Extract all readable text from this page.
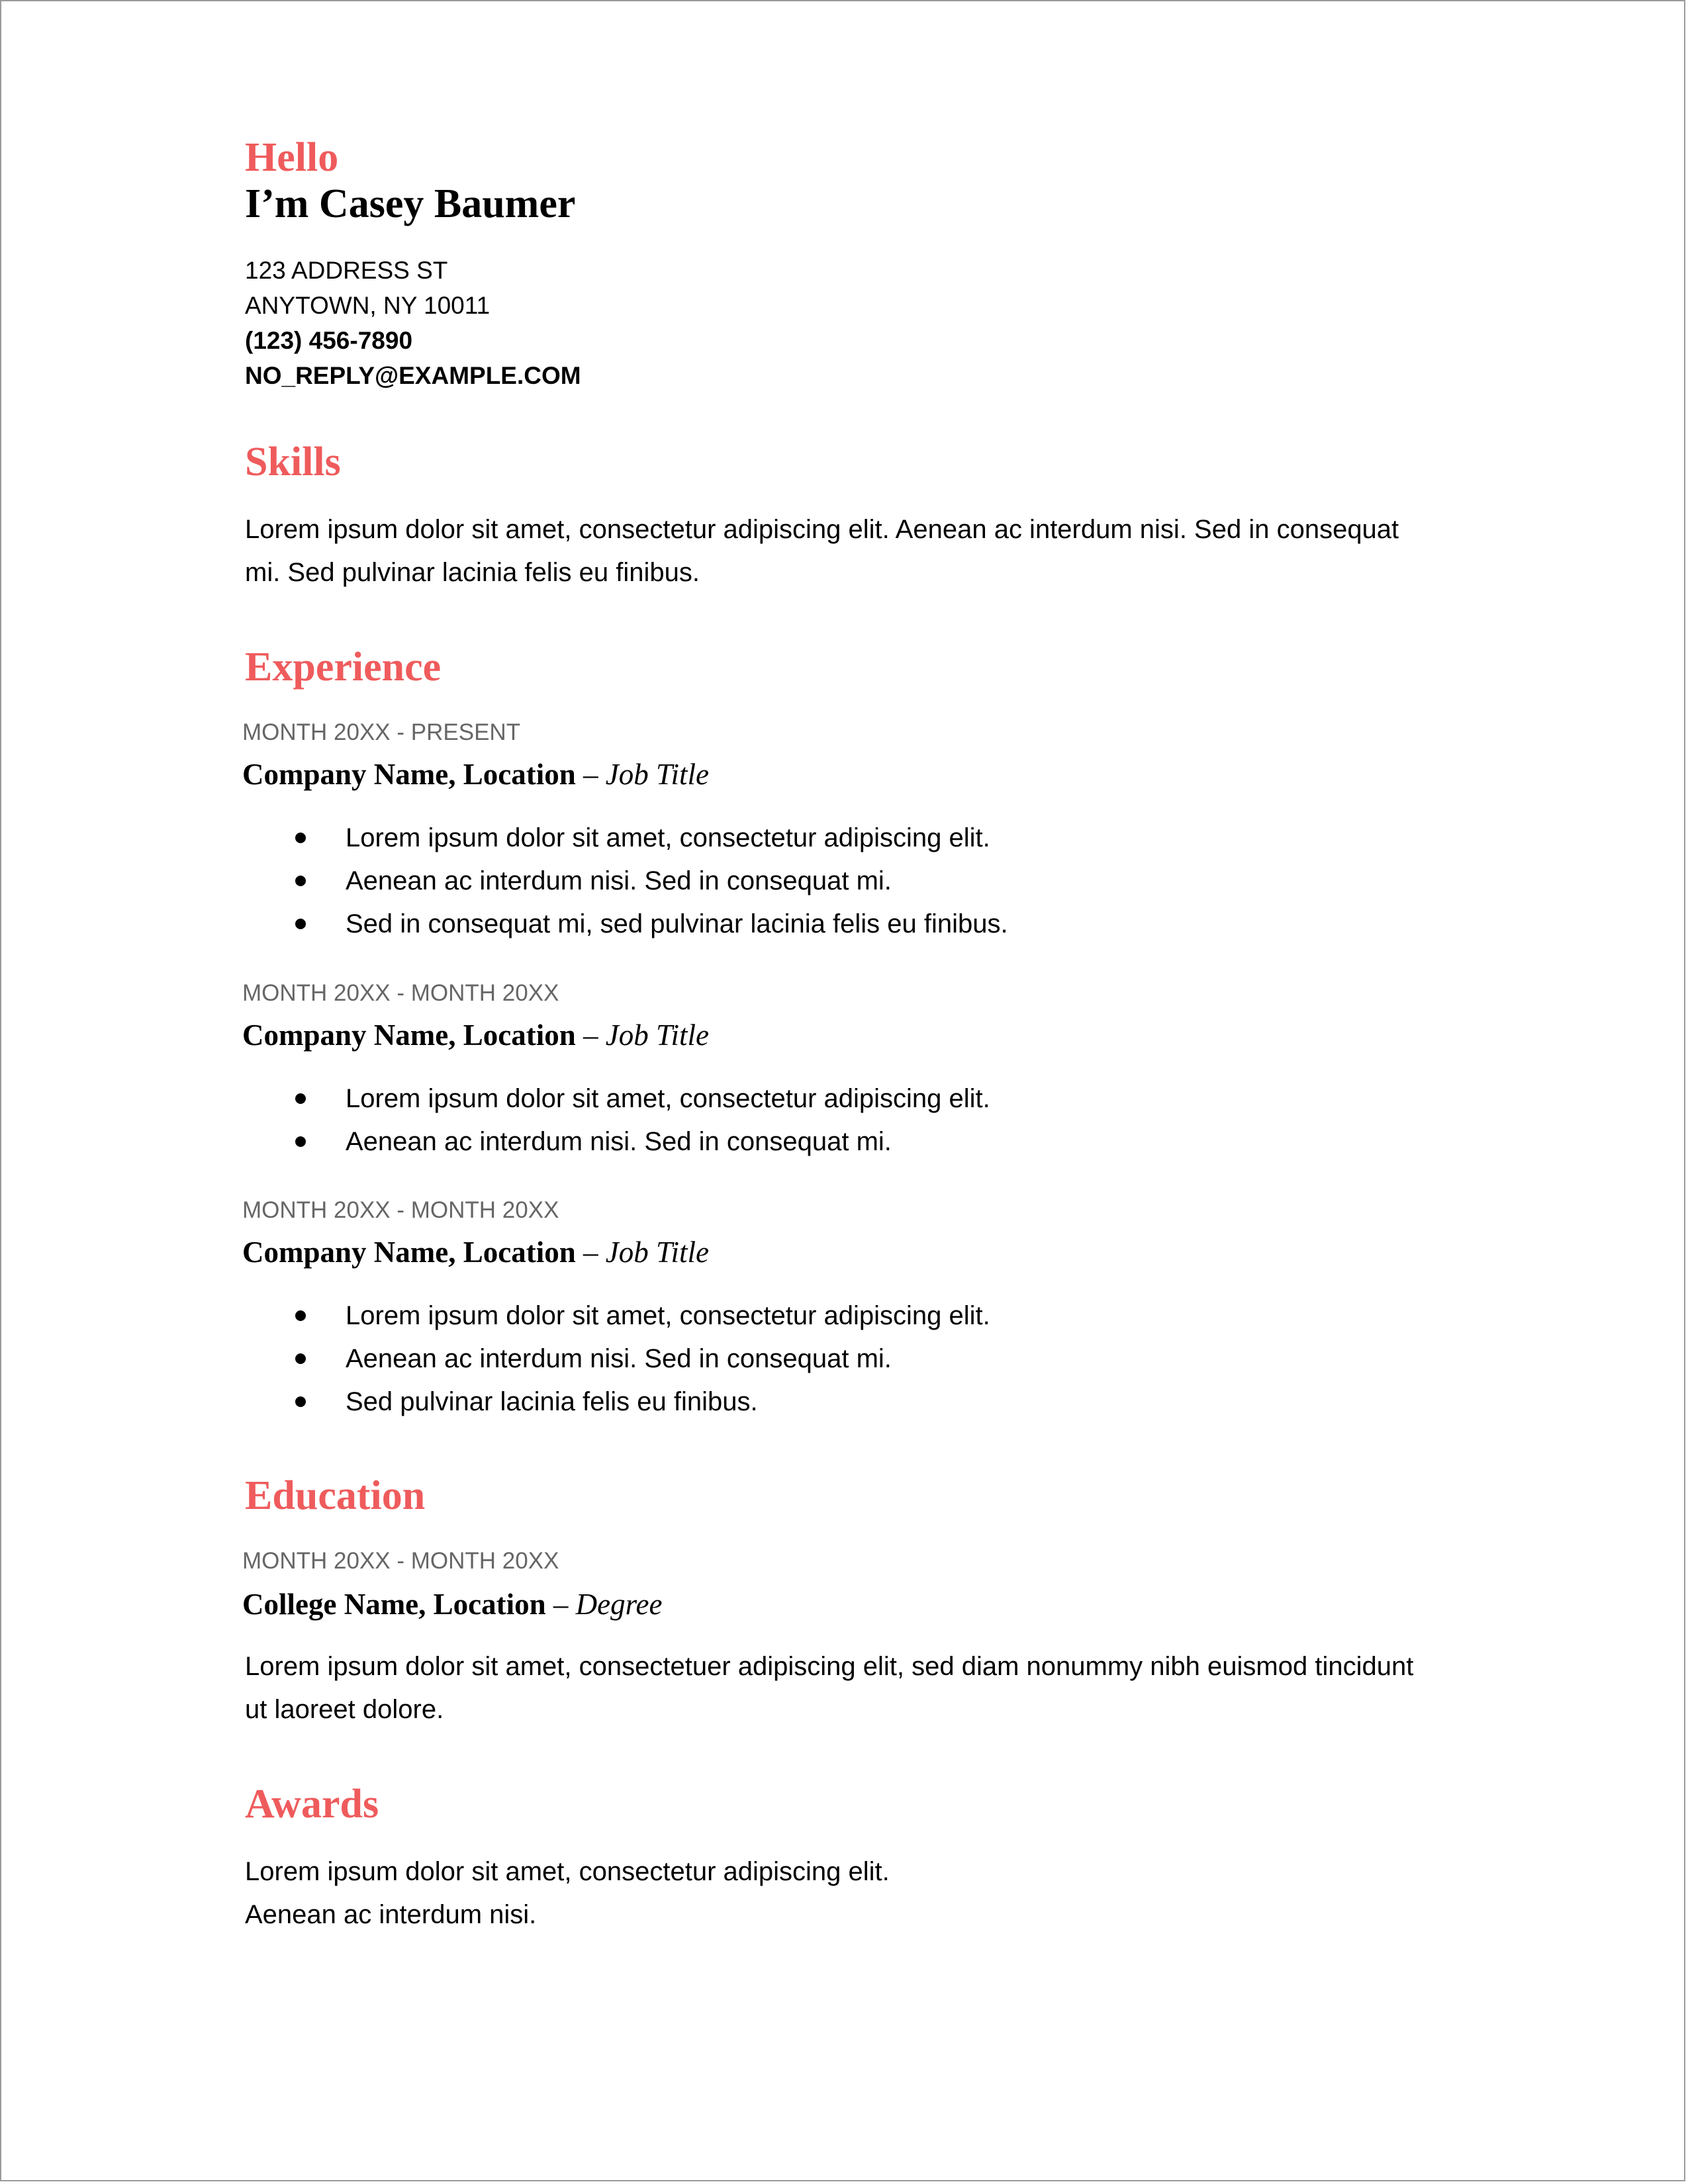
Hello
I’m Casey Baumer
123 ADDRESS ST
ANYTOWN, NY 10011
(123) 456-7890
NO_REPLY@EXAMPLE.COM
Skills
Lorem ipsum dolor sit amet, consectetur adipiscing elit. Aenean ac interdum nisi. Sed in consequat
mi. Sed pulvinar lacinia felis eu finibus.
Experience
MONTH 20XX - PRESENT
Company Name, Location – Job Title
Lorem ipsum dolor sit amet, consectetur adipiscing elit.
Aenean ac interdum nisi. Sed in consequat mi.
Sed in consequat mi, sed pulvinar lacinia felis eu finibus.
MONTH 20XX - MONTH 20XX
Company Name, Location – Job Title
Lorem ipsum dolor sit amet, consectetur adipiscing elit.
Aenean ac interdum nisi. Sed in consequat mi.
MONTH 20XX - MONTH 20XX
Company Name, Location – Job Title
Lorem ipsum dolor sit amet, consectetur adipiscing elit.
Aenean ac interdum nisi. Sed in consequat mi.
Sed pulvinar lacinia felis eu finibus.
Education
MONTH 20XX - MONTH 20XX
College Name, Location – Degree
Lorem ipsum dolor sit amet, consectetuer adipiscing elit, sed diam nonummy nibh euismod tincidunt
ut laoreet dolore.
Awards
Lorem ipsum dolor sit amet, consectetur adipiscing elit.
Aenean ac interdum nisi.
